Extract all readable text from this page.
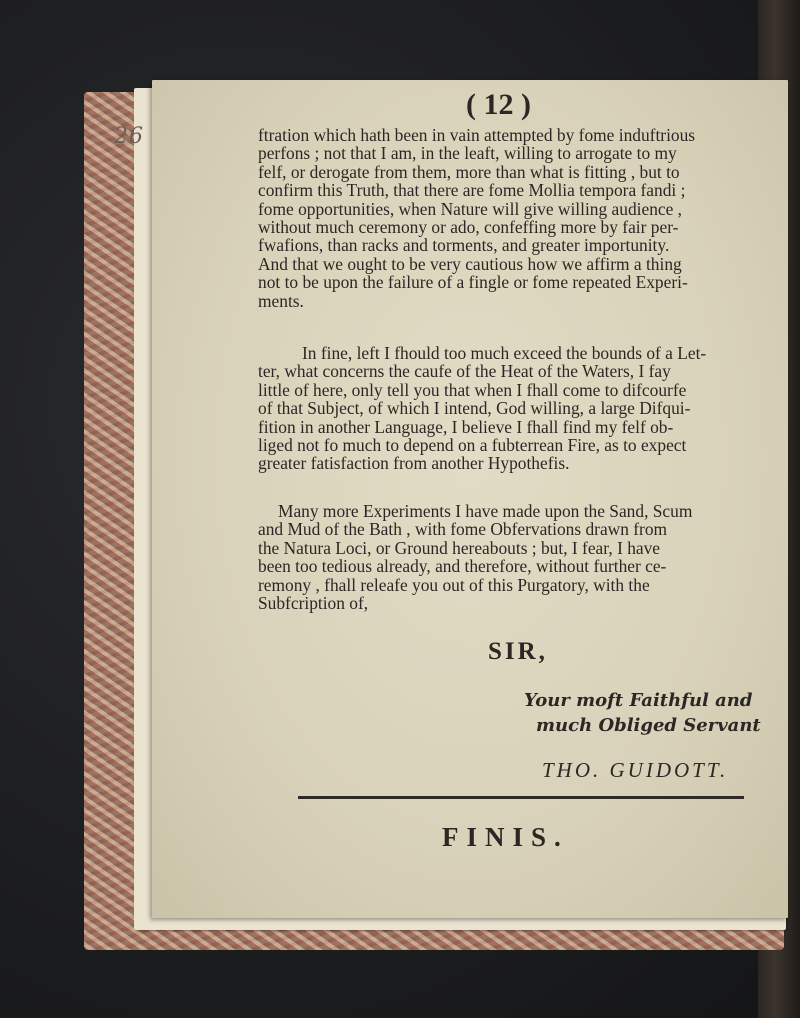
26
( 12 )
ftration which hath been in vain attempted by fome induftrious
perfons ; not that I am, in the leaft, willing to arrogate to my
felf, or derogate from them, more than what is fitting , but to
confirm this Truth, that there are fome Mollia tempora fandi ;
fome opportunities, when Nature will give willing audience ,
without much ceremony or ado, confeffing more by fair per-
fwafions, than racks and torments, and greater importunity.
And that we ought to be very cautious how we affirm a thing
not to be upon the failure of a fingle or fome repeated Experi-
ments.
In fine, left I fhould too much exceed the bounds of a Let-
ter, what concerns the caufe of the Heat of the Waters, I fay
little of here, only tell you that when I fhall come to difcourfe
of that Subject, of which I intend, God willing, a large Difqui-
fition in another Language, I believe I fhall find my felf ob-
liged not fo much to depend on a fubterrean Fire, as to expect
greater fatisfaction from another Hypothefis.
Many more Experiments I have made upon the Sand, Scum
and Mud of the Bath , with fome Obfervations drawn from
the Natura Loci, or Ground hereabouts ; but, I fear, I have
been too tedious already, and therefore, without further ce-
remony , fhall releafe you out of this Purgatory, with the
Subfcription of,
SIR,
Your moft Faithful and
much Obliged Servant
THO. GUIDOTT.
FINIS.
